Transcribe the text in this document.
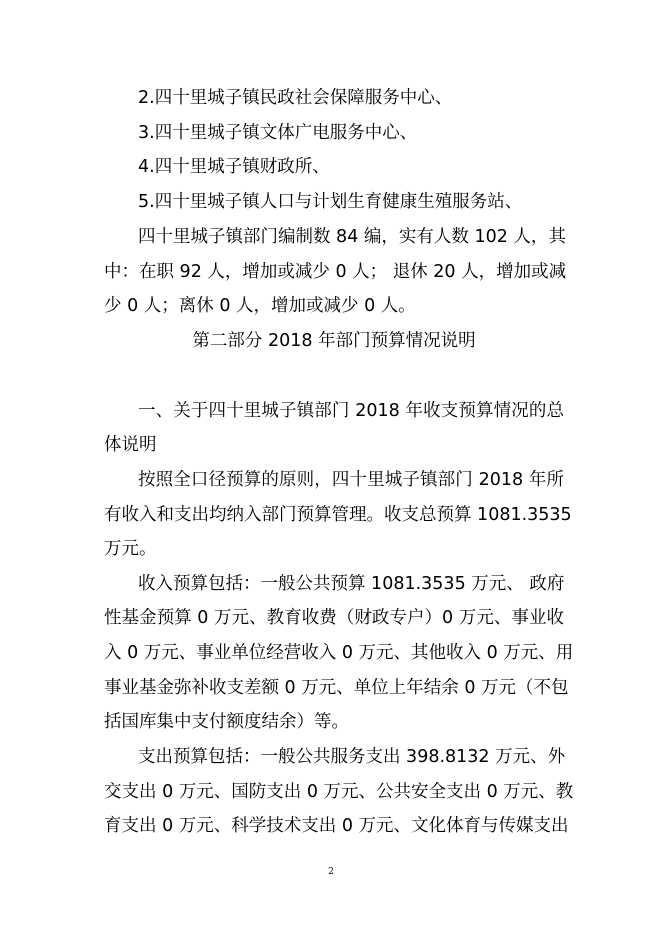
2.四十里城子镇民政社会保障服务中心、
3.四十里城子镇文体广电服务中心、
4.四十里城子镇财政所、
5.四十里城子镇人口与计划生育健康生殖服务站、
四十里城子镇部门编制数 84 编，实有人数 102 人，其
中：在职 92 人，增加或减少 0 人； 退休 20 人，增加或减
少 0 人；离休 0 人，增加或减少 0 人。
第二部分 2018 年部门预算情况说明
一、关于四十里城子镇部门 2018 年收支预算情况的总
体说明
按照全口径预算的原则，四十里城子镇部门 2018 年所
有收入和支出均纳入部门预算管理。收支总预算 1081.3535
万元。
收入预算包括：一般公共预算 1081.3535 万元、 政府
性基金预算 0 万元、教育收费（财政专户）0 万元、事业收
入 0 万元、事业单位经营收入 0 万元、其他收入 0 万元、用
事业基金弥补收支差额 0 万元、单位上年结余 0 万元（不包
括国库集中支付额度结余）等。
支出预算包括：一般公共服务支出 398.8132 万元、外
交支出 0 万元、国防支出 0 万元、公共安全支出 0 万元、教
育支出 0 万元、科学技术支出 0 万元、文化体育与传媒支出
2
